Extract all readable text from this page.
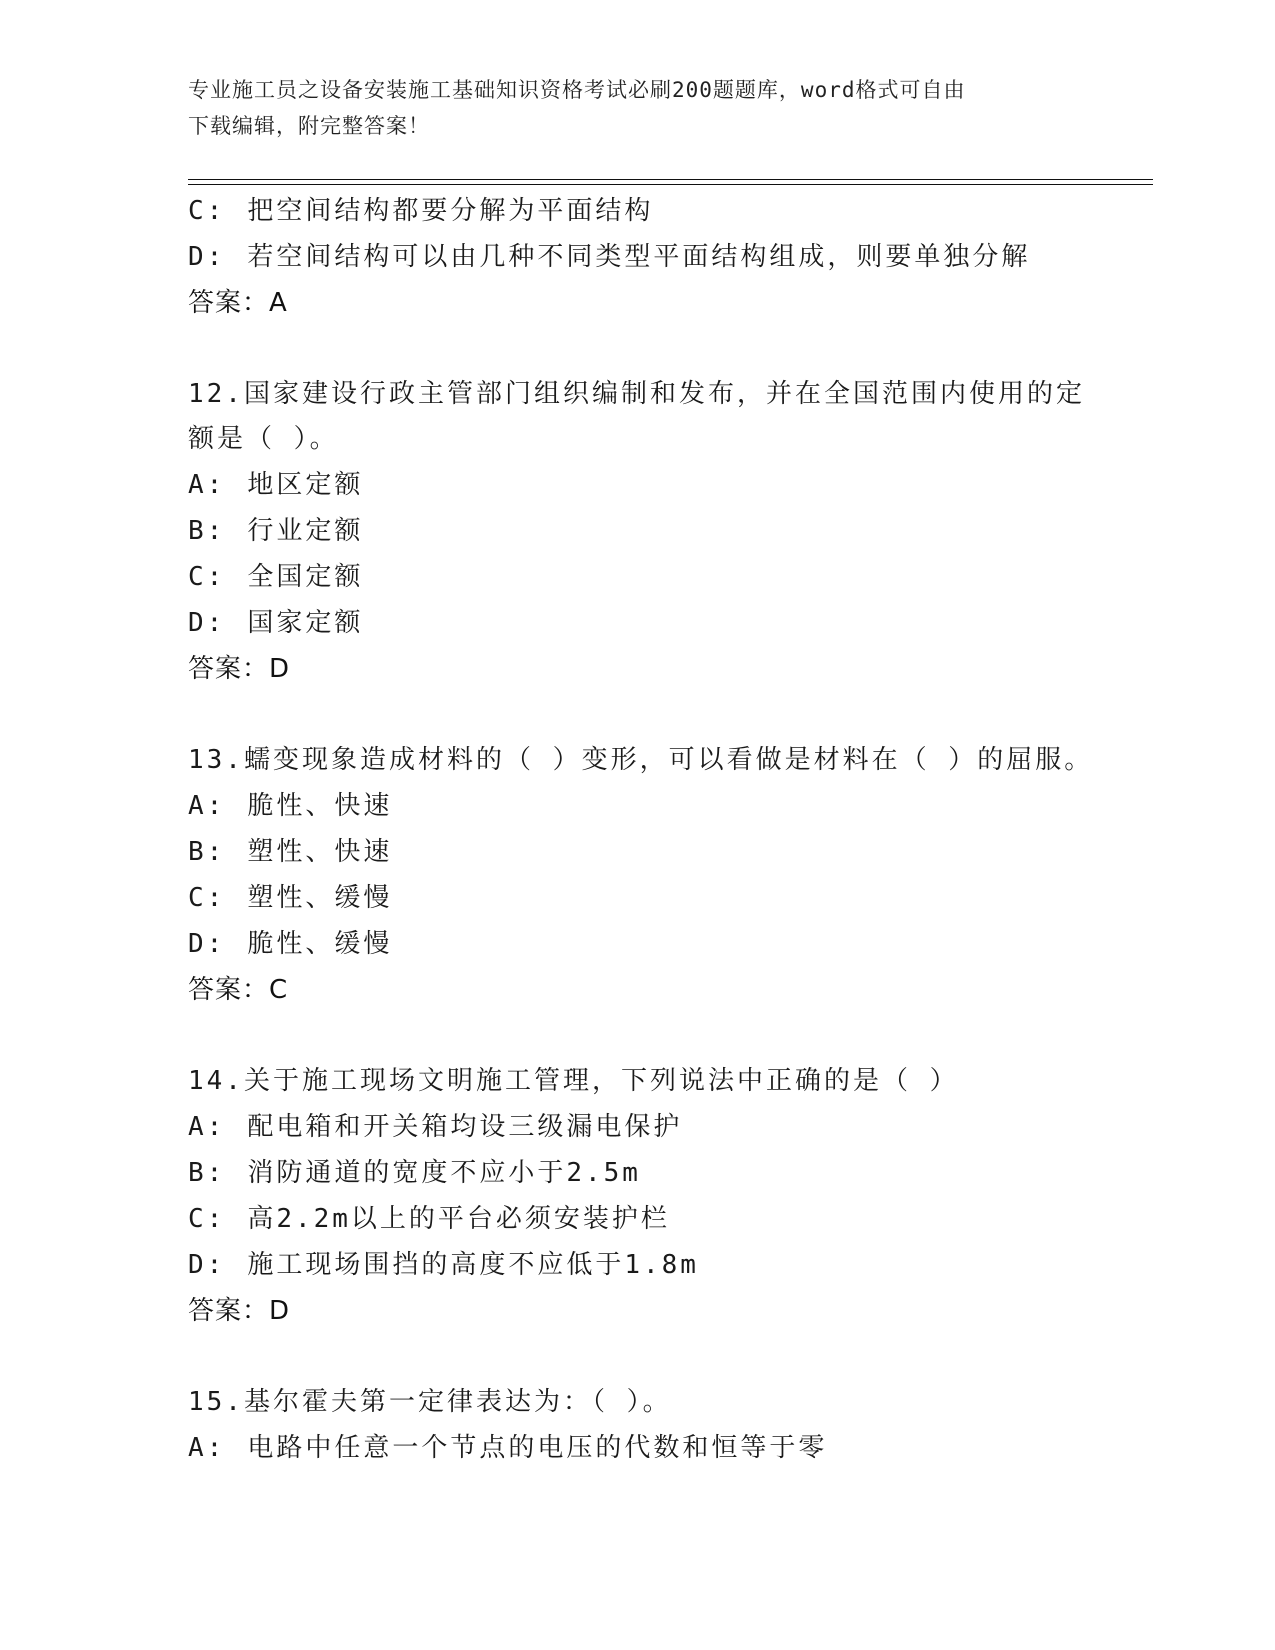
专业施工员之设备安装施工基础知识资格考试必刷200题题库，word格式可自由
下载编辑，附完整答案！
C: 把空间结构都要分解为平面结构
D: 若空间结构可以由几种不同类型平面结构组成，则要单独分解
答案：A
12.国家建设行政主管部门组织编制和发布，并在全国范围内使用的定
额是（ ）。
A: 地区定额
B: 行业定额
C: 全国定额
D: 国家定额
答案：D
13.蠕变现象造成材料的（ ）变形，可以看做是材料在（ ）的屈服。
A: 脆性、快速
B: 塑性、快速
C: 塑性、缓慢
D: 脆性、缓慢
答案：C
14.关于施工现场文明施工管理，下列说法中正确的是（ ）
A: 配电箱和开关箱均设三级漏电保护
B: 消防通道的宽度不应小于2.5m
C: 高2.2m以上的平台必须安装护栏
D: 施工现场围挡的高度不应低于1.8m
答案：D
15.基尔霍夫第一定律表达为：（ ）。
A: 电路中任意一个节点的电压的代数和恒等于零
